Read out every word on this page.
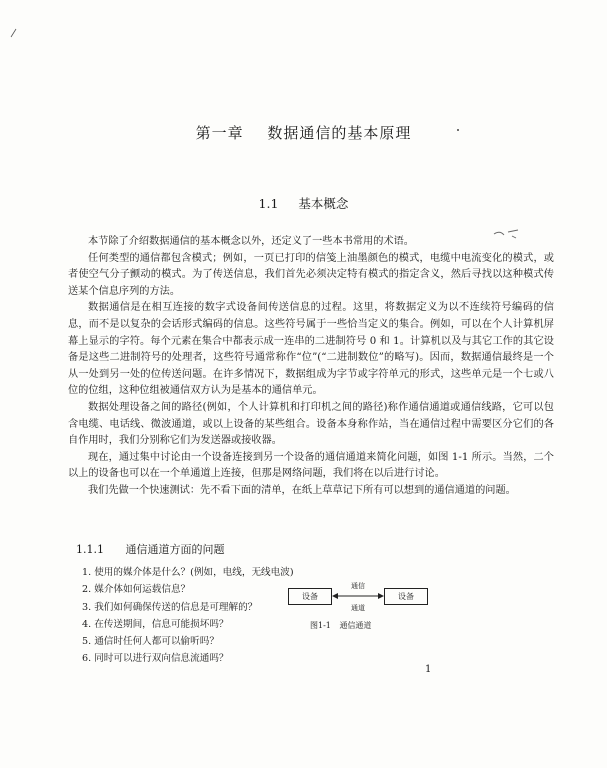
第一章 数据通信的基本原理
1.1 基本概念

本节除了介绍数据通信的基本概念以外，还定义了一些本书常用的术语。

任何类型的通信都包含模式；例如，一页已打印的信笺上油墨颜色的模式，电缆中电流变化的模式，或者使空气分子颤动的模式。为了传送信息，我们首先必须决定特有模式的指定含义，然后寻找以这种模式传送某个信息序列的方法。

数据通信是在相互连接的数字式设备间传送信息的过程。这里，将数据定义为以不连续符号编码的信息，而不是以复杂的会话形式编码的信息。这些符号属于一些恰当定义的集合。例如，可以在个人计算机屏幕上显示的字符。每个元素在集合中都表示成一连串的二进制符号 0 和 1。计算机以及与其它工作的其它设备是这些二进制符号的处理者，这些符号通常称作“位”(“二进制数位”的略写)。因而，数据通信最终是一个从一处到另一处的位传送问题。在许多情况下，数据组成为字节或字符单元的形式，这些单元是一个七或八位的位组，这种位组被通信双方认为是基本的通信单元。

数据处理设备之间的路径(例如，个人计算机和打印机之间的路径)称作通信通道或通信线路，它可以包含电缆、电话线、微波通道，或以上设备的某些组合。设备本身称作站，当在通信过程中需要区分它们的各自作用时，我们分别称它们为发送器或接收器。

现在，通过集中讨论由一个设备连接到另一个设备的通信通道来简化问题，如图 1-1 所示。当然，二个以上的设备也可以在一个单通道上连接，但那是网络问题，我们将在以后进行讨论。

我们先做一个快速测试：先不看下面的清单，在纸上草草记下所有可以想到的通信通道的问题。

1.1.1 通信通道方面的问题
1. 使用的媒介体是什么？(例如，电线，无线电波)
2. 媒介体如何运载信息？
3. 我们如何确保传送的信息是可理解的？
4. 在传送期间，信息可能损坏吗？
5. 通信时任何人都可以偷听吗？
6. 同时可以进行双向信息流通吗？
设备
通信
通道
设备
图1-1 通信通道
1
